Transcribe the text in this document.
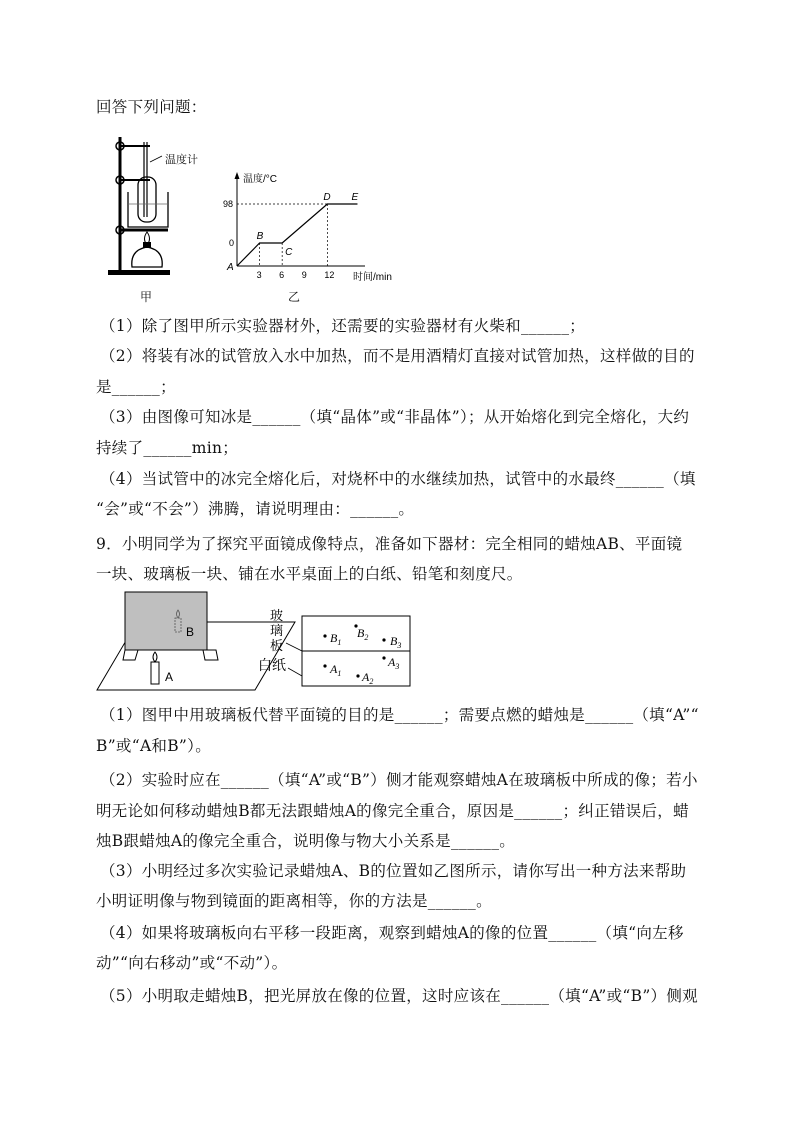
回答下列问题：
温度计
甲
温度/°C
时间/min
A
B
C
D E
3 6 9 12
0
98
乙
（1）除了图甲所示实验器材外，还需要的实验器材有火柴和______；
（2）将装有冰的试管放入水中加热，而不是用酒精灯直接对试管加热，这样做的目的
是______；
（3）由图像可知冰是______（填“晶体”或“非晶体”）；从开始熔化到完全熔化，大约
持续了______min；
（4）当试管中的冰完全熔化后，对烧杯中的水继续加热，试管中的水最终______（填
“会”或“不会”）沸腾，请说明理由：______。
9．小明同学为了探究平面镜成像特点，准备如下器材：完全相同的蜡烛AB、平面镜
一块、玻璃板一块、铺在水平桌面上的白纸、铅笔和刻度尺。
B
A
玻
璃
板
白纸
$B_1$
$B_2$ $B_3$
$A_1$ $A_2$
$A_3$
（1）图甲中用玻璃板代替平面镜的目的是______；需要点燃的蜡烛是______（填“A”“
B”或“A和B”）。
（2）实验时应在______（填“A”或“B”）侧才能观察蜡烛A在玻璃板中所成的像；若小
明无论如何移动蜡烛B都无法跟蜡烛A的像完全重合，原因是______；纠正错误后，蜡
烛B跟蜡烛A的像完全重合，说明像与物大小关系是______。
（3）小明经过多次实验记录蜡烛A、B的位置如乙图所示，请你写出一种方法来帮助
小明证明像与物到镜面的距离相等，你的方法是______。
（4）如果将玻璃板向右平移一段距离，观察到蜡烛A的像的位置______（填“向左移
动”“向右移动”或“不动”）。
（5）小明取走蜡烛B，把光屏放在像的位置，这时应该在______（填“A”或“B”）侧观
